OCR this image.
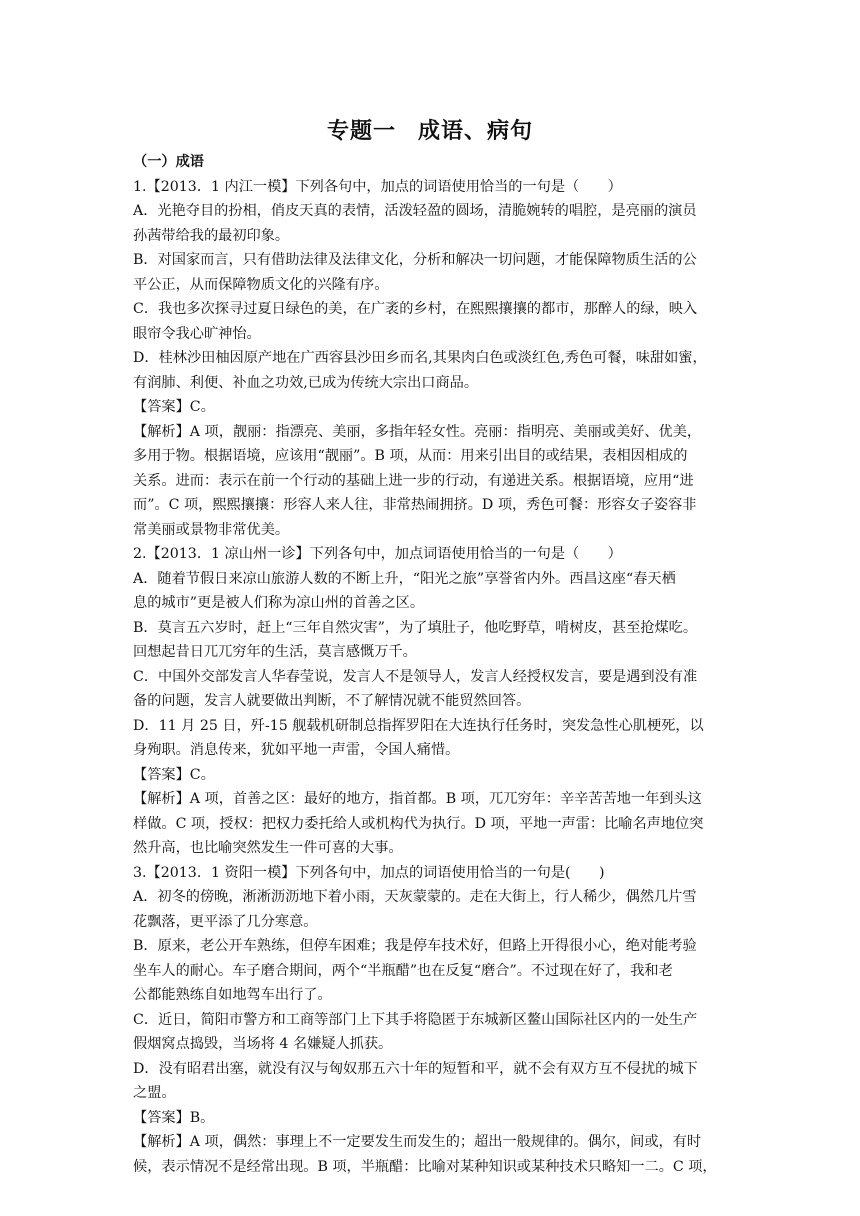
专题一 成语、病句
（一）成语
1.【2013．1 内江一模】下列各句中，加点的词语使用恰当的一句是（　　）
A．光艳夺目的扮相，俏皮天真的表情，活泼轻盈的圆场，清脆婉转的唱腔，是亮丽的演员
孙茜带给我的最初印象。
B．对国家而言，只有借助法律及法律文化，分析和解决一切问题，才能保障物质生活的公
平公正，从而保障物质文化的兴隆有序。
C．我也多次探寻过夏日绿色的美，在广袤的乡村，在熙熙攘攘的都市，那醉人的绿，映入
眼帘令我心旷神怡。
D．桂林沙田柚因原产地在广西容县沙田乡而名,其果肉白色或淡红色,秀色可餐，味甜如蜜，
有润肺、利便、补血之功效,已成为传统大宗出口商品。
【答案】C。
【解析】A 项，靓丽：指漂亮、美丽，多指年轻女性。亮丽：指明亮、美丽或美好、优美，
多用于物。根据语境，应该用“靓丽”。B 项，从而：用来引出目的或结果，表相因相成的
关系。进而：表示在前一个行动的基础上进一步的行动，有递进关系。根据语境，应用“进
而”。C 项，熙熙攘攘：形容人来人往，非常热闹拥挤。D 项，秀色可餐：形容女子姿容非
常美丽或景物非常优美。
2.【2013．1 凉山州一诊】下列各句中，加点词语使用恰当的一句是（　　）
A．随着节假日来凉山旅游人数的不断上升，“阳光之旅”享誉省内外。西昌这座“春天栖
息的城市”更是被人们称为凉山州的首善之区。
B．莫言五六岁时，赶上“三年自然灾害”，为了填肚子，他吃野草，啃树皮，甚至抢煤吃。
回想起昔日兀兀穷年的生活，莫言感慨万千。
C．中国外交部发言人华春莹说，发言人不是领导人，发言人经授权发言，要是遇到没有准
备的问题，发言人就要做出判断，不了解情况就不能贸然回答。
D．11 月 25 日，歼-15 舰载机研制总指挥罗阳在大连执行任务时，突发急性心肌梗死，以
身殉职。消息传来，犹如平地一声雷，令国人痛惜。
【答案】C。
【解析】A 项，首善之区：最好的地方，指首都。B 项，兀兀穷年：辛辛苦苦地一年到头这
样做。C 项，授权：把权力委托给人或机构代为执行。D 项，平地一声雷：比喻名声地位突
然升高，也比喻突然发生一件可喜的大事。
3.【2013．1 资阳一模】下列各句中，加点的词语使用恰当的一句是(　　)
A．初冬的傍晚，淅淅沥沥地下着小雨，天灰蒙蒙的。走在大街上，行人稀少，偶然几片雪
花飘落，更平添了几分寒意。
B．原来，老公开车熟练，但停车困难；我是停车技术好，但路上开得很小心，绝对能考验
坐车人的耐心。车子磨合期间，两个“半瓶醋”也在反复“磨合”。不过现在好了，我和老
公都能熟练自如地驾车出行了。
C．近日，简阳市警方和工商等部门上下其手将隐匿于东城新区鳌山国际社区内的一处生产
假烟窝点捣毁，当场将 4 名嫌疑人抓获。
D．没有昭君出塞，就没有汉与匈奴那五六十年的短暂和平，就不会有双方互不侵扰的城下
之盟。
【答案】B。
【解析】A 项，偶然：事理上不一定要发生而发生的；超出一般规律的。偶尔，间或，有时
候，表示情况不是经常出现。B 项，半瓶醋：比喻对某种知识或某种技术只略知一二。C 项，
